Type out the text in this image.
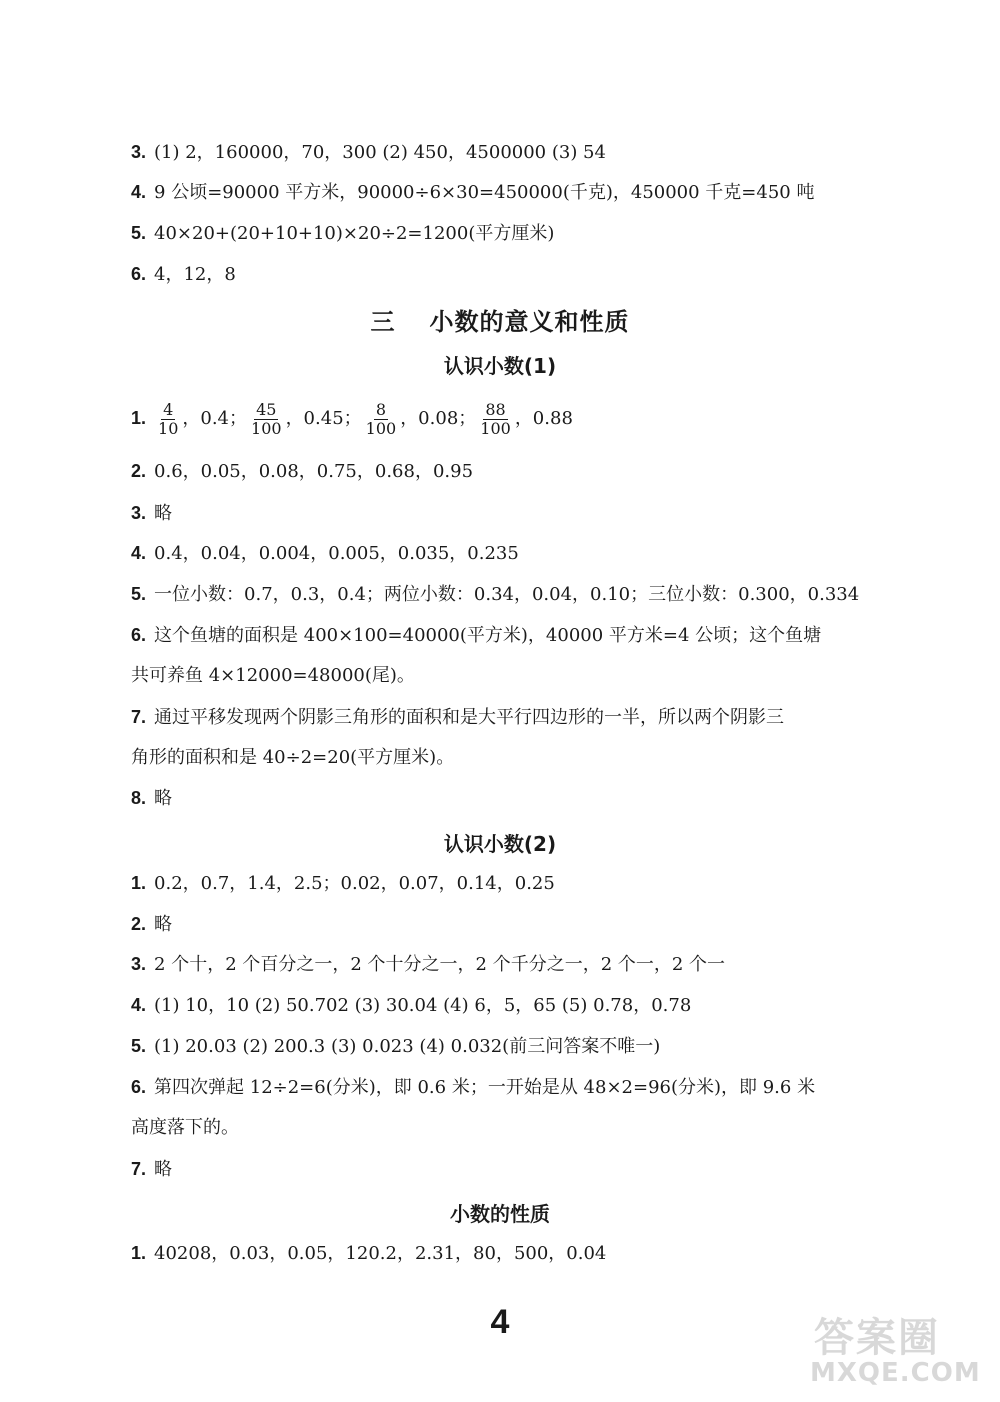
3. (1) 2，160000，70，300 (2) 450，4500000 (3) 54
4. 9 公顷=90000 平方米，90000÷6×30=450000(千克)，450000 千克=450 吨
5. 40×20+(20+10+10)×20÷2=1200(平方厘米)
6. 4，12，8
三 小数的意义和性质
认识小数(1)
1. $\frac{4}{10}$ ，0.4； $\frac{45}{100}$ ，0.45； $\frac{8}{100}$ ，0.08； $\frac{88}{100}$ ，0.88
2. 0.6，0.05，0.08，0.75，0.68，0.95
3. 略
4. 0.4，0.04，0.004，0.005，0.035，0.235
5. 一位小数：0.7，0.3，0.4；两位小数：0.34，0.04，0.10；三位小数：0.300，0.334
6. 这个鱼塘的面积是 400×100=40000(平方米)，40000 平方米=4 公顷；这个鱼塘
共可养鱼 4×12000=48000(尾)。
7. 通过平移发现两个阴影三角形的面积和是大平行四边形的一半，所以两个阴影三
角形的面积和是 40÷2=20(平方厘米)。
8. 略
认识小数(2)
1. 0.2，0.7，1.4，2.5；0.02，0.07，0.14，0.25
2. 略
3. 2 个十，2 个百分之一，2 个十分之一，2 个千分之一，2 个一，2 个一
4. (1) 10，10 (2) 50.702 (3) 30.04 (4) 6，5，65 (5) 0.78，0.78
5. (1) 20.03 (2) 200.3 (3) 0.023 (4) 0.032(前三问答案不唯一)
6. 第四次弹起 12÷2=6(分米)，即 0.6 米；一开始是从 48×2=96(分米)，即 9.6 米
高度落下的。
7. 略
小数的性质
1. 40208，0.03，0.05，120.2，2.31，80，500，0.04
4	答案圈
MXQE.COM
